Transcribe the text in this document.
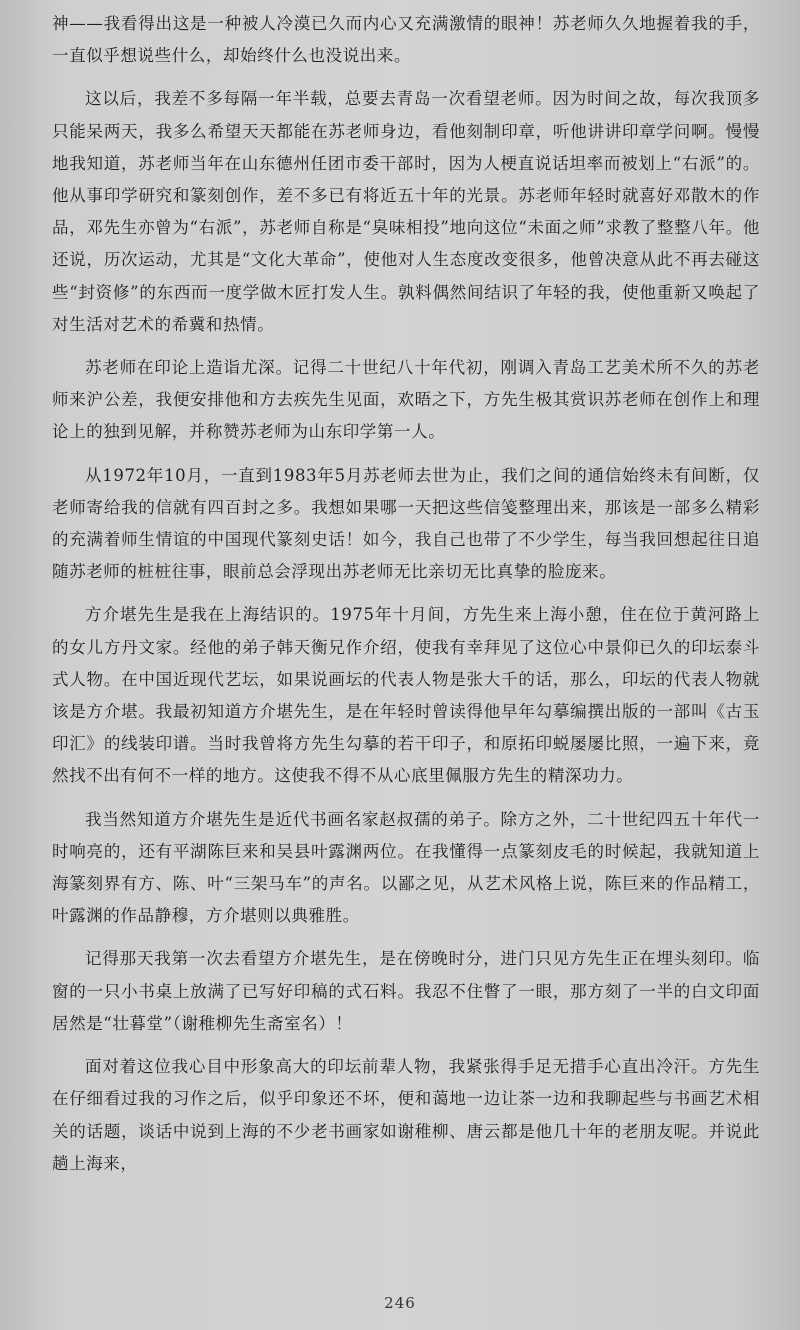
神——我看得出这是一种被人冷漠已久而内心又充满激情的眼神！苏老师久久地握着我的手，一直似乎想说些什么，却始终什么也没说出来。

这以后，我差不多每隔一年半载，总要去青岛一次看望老师。因为时间之故，每次我顶多只能呆两天，我多么希望天天都能在苏老师身边，看他刻制印章，听他讲讲印章学问啊。慢慢地我知道，苏老师当年在山东德州任团市委干部时，因为人梗直说话坦率而被划上“右派”的。他从事印学研究和篆刻创作，差不多已有将近五十年的光景。苏老师年轻时就喜好邓散木的作品，邓先生亦曾为“右派”，苏老师自称是“臭味相投”地向这位“未面之师”求教了整整八年。他还说，历次运动，尤其是“文化大革命”，使他对人生态度改变很多，他曾决意从此不再去碰这些“封资修”的东西而一度学做木匠打发人生。孰料偶然间结识了年轻的我，使他重新又唤起了对生活对艺术的希冀和热情。

苏老师在印论上造诣尤深。记得二十世纪八十年代初，刚调入青岛工艺美术所不久的苏老师来沪公差，我便安排他和方去疾先生见面，欢晤之下，方先生极其赏识苏老师在创作上和理论上的独到见解，并称赞苏老师为山东印学第一人。

从1972年10月，一直到1983年5月苏老师去世为止，我们之间的通信始终未有间断，仅老师寄给我的信就有四百封之多。我想如果哪一天把这些信笺整理出来，那该是一部多么精彩的充满着师生情谊的中国现代篆刻史话！如今，我自己也带了不少学生，每当我回想起往日追随苏老师的桩桩往事，眼前总会浮现出苏老师无比亲切无比真挚的脸庞来。

方介堪先生是我在上海结识的。1975年十月间，方先生来上海小憩，住在位于黄河路上的女儿方丹文家。经他的弟子韩天衡兄作介绍，使我有幸拜见了这位心中景仰已久的印坛泰斗式人物。在中国近现代艺坛，如果说画坛的代表人物是张大千的话，那么，印坛的代表人物就该是方介堪。我最初知道方介堪先生，是在年轻时曾读得他早年勾摹编撰出版的一部叫《古玉印汇》的线装印谱。当时我曾将方先生勾摹的若干印子，和原拓印蜕屡屡比照，一遍下来，竟然找不出有何不一样的地方。这使我不得不从心底里佩服方先生的精深功力。

我当然知道方介堪先生是近代书画名家赵叔孺的弟子。除方之外，二十世纪四五十年代一时响亮的，还有平湖陈巨来和吴县叶露渊两位。在我懂得一点篆刻皮毛的时候起，我就知道上海篆刻界有方、陈、叶“三架马车”的声名。以鄙之见，从艺术风格上说，陈巨来的作品精工，叶露渊的作品静穆，方介堪则以典雅胜。

记得那天我第一次去看望方介堪先生，是在傍晚时分，进门只见方先生正在埋头刻印。临窗的一只小书桌上放满了已写好印稿的式石料。我忍不住瞥了一眼，那方刻了一半的白文印面居然是“壮暮堂”（谢稚柳先生斋室名）！

面对着这位我心目中形象高大的印坛前辈人物，我紧张得手足无措手心直出冷汗。方先生在仔细看过我的习作之后，似乎印象还不坏，便和蔼地一边让茶一边和我聊起些与书画艺术相关的话题，谈话中说到上海的不少老书画家如谢稚柳、唐云都是他几十年的老朋友呢。并说此趟上海来，

246
